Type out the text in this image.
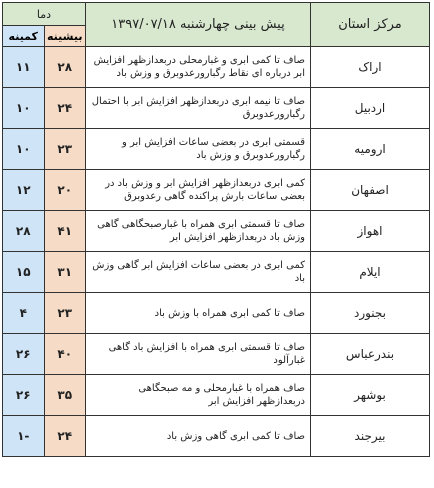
مرکز استان	پیش بینی چهارشنبه ۱۳۹۷/۰۷/۱۸	دما	
		بیشینه	کمینه
اراک	صاف تا کمی ابری و غبارمحلی دربعدازظهر افزایش ابر درباره ای نقاط رگبارورعدوبرق و وزش باد	۲۸	۱۱
اردبیل	صاف تا نیمه ابری دربعدازظهر افزایش ابر با احتمال رگبارورعدوبرق	۲۴	۱۰
ارومیه	قسمتی ابری در بعضی ساعات افزایش ابر و رگبارورعدوبرق و وزش باد	۲۳	۱۰
اصفهان	کمی ابری دربعدازظهر افزایش ابر و وزش باد در بعضی ساعات بارش پراکنده گاهی رعدوبرق	۲۰	۱۲
اهواز	صاف تا قسمتی ابری همراه با غبارصبحگاهی گاهی وزش باد دربعدازظهر افزایش ابر	۴۱	۲۸
ایلام	کمی ابری در بعضی ساعات افزایش ابر گاهی وزش باد	۳۱	۱۵
بجنورد	صاف تا کمی ابری همراه با وزش باد	۲۳	۴
بندرعباس	صاف تا قسمتی ابری همراه با افزایش باد گاهی غبارآلود	۴۰	۲۶
بوشهر	صاف همراه با غبارمحلی و مه صبحگاهی دربعدازظهر افزایش ابر	۳۵	۲۶
بیرجند	صاف تا کمی ابری گاهی وزش باد	۲۴	-۱
